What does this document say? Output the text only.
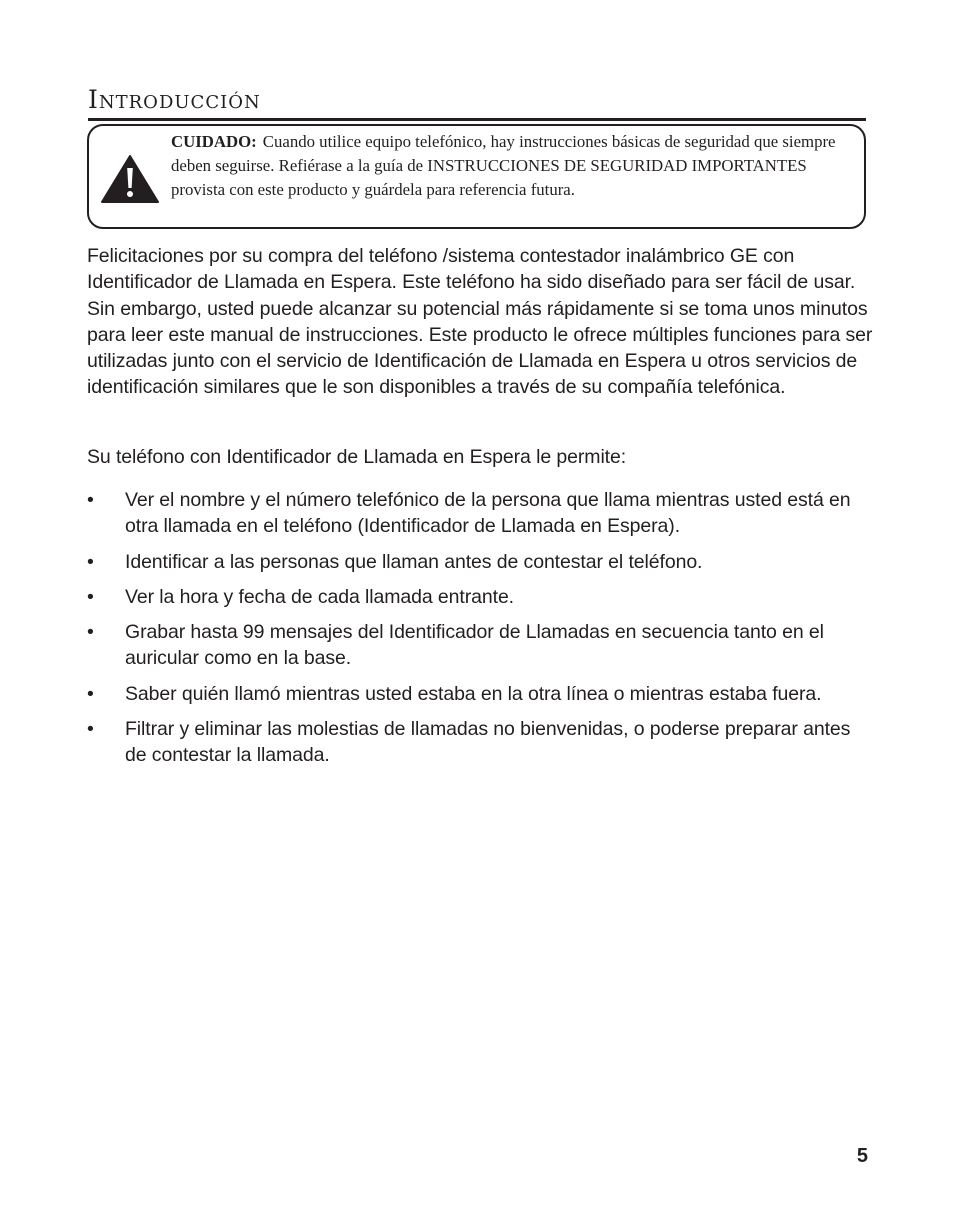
Introducción

CUIDADO: Cuando utilice equipo telefónico, hay instrucciones básicas de seguridad que siempre deben seguirse. Refiérase a la guía de INSTRUCCIONES DE SEGURIDAD IMPORTANTES provista con este producto y guárdela para referencia futura.

Felicitaciones por su compra del teléfono /sistema contestador inalámbrico GE con Identificador de Llamada en Espera. Este teléfono ha sido diseñado para ser fácil de usar. Sin embargo, usted puede alcanzar su potencial más rápidamente si se toma unos minutos para leer este manual de instrucciones. Este producto le ofrece múltiples funciones para ser utilizadas junto con el servicio de Identificación de Llamada en Espera u otros servicios de identificación similares que le son disponibles a través de su compañía telefónica.

Su teléfono con Identificador de Llamada en Espera le permite:

• Ver el nombre y el número telefónico de la persona que llama mientras usted está en otra llamada en el teléfono (Identificador de Llamada en Espera).
• Identificar a las personas que llaman antes de contestar el teléfono.
• Ver la hora y fecha de cada llamada entrante.
• Grabar hasta 99 mensajes del Identificador de Llamadas en secuencia tanto en el auricular como en la base.
• Saber quién llamó mientras usted estaba en la otra línea o mientras estaba fuera.
• Filtrar y eliminar las molestias de llamadas no bienvenidas, o poderse preparar antes de contestar la llamada.
5
